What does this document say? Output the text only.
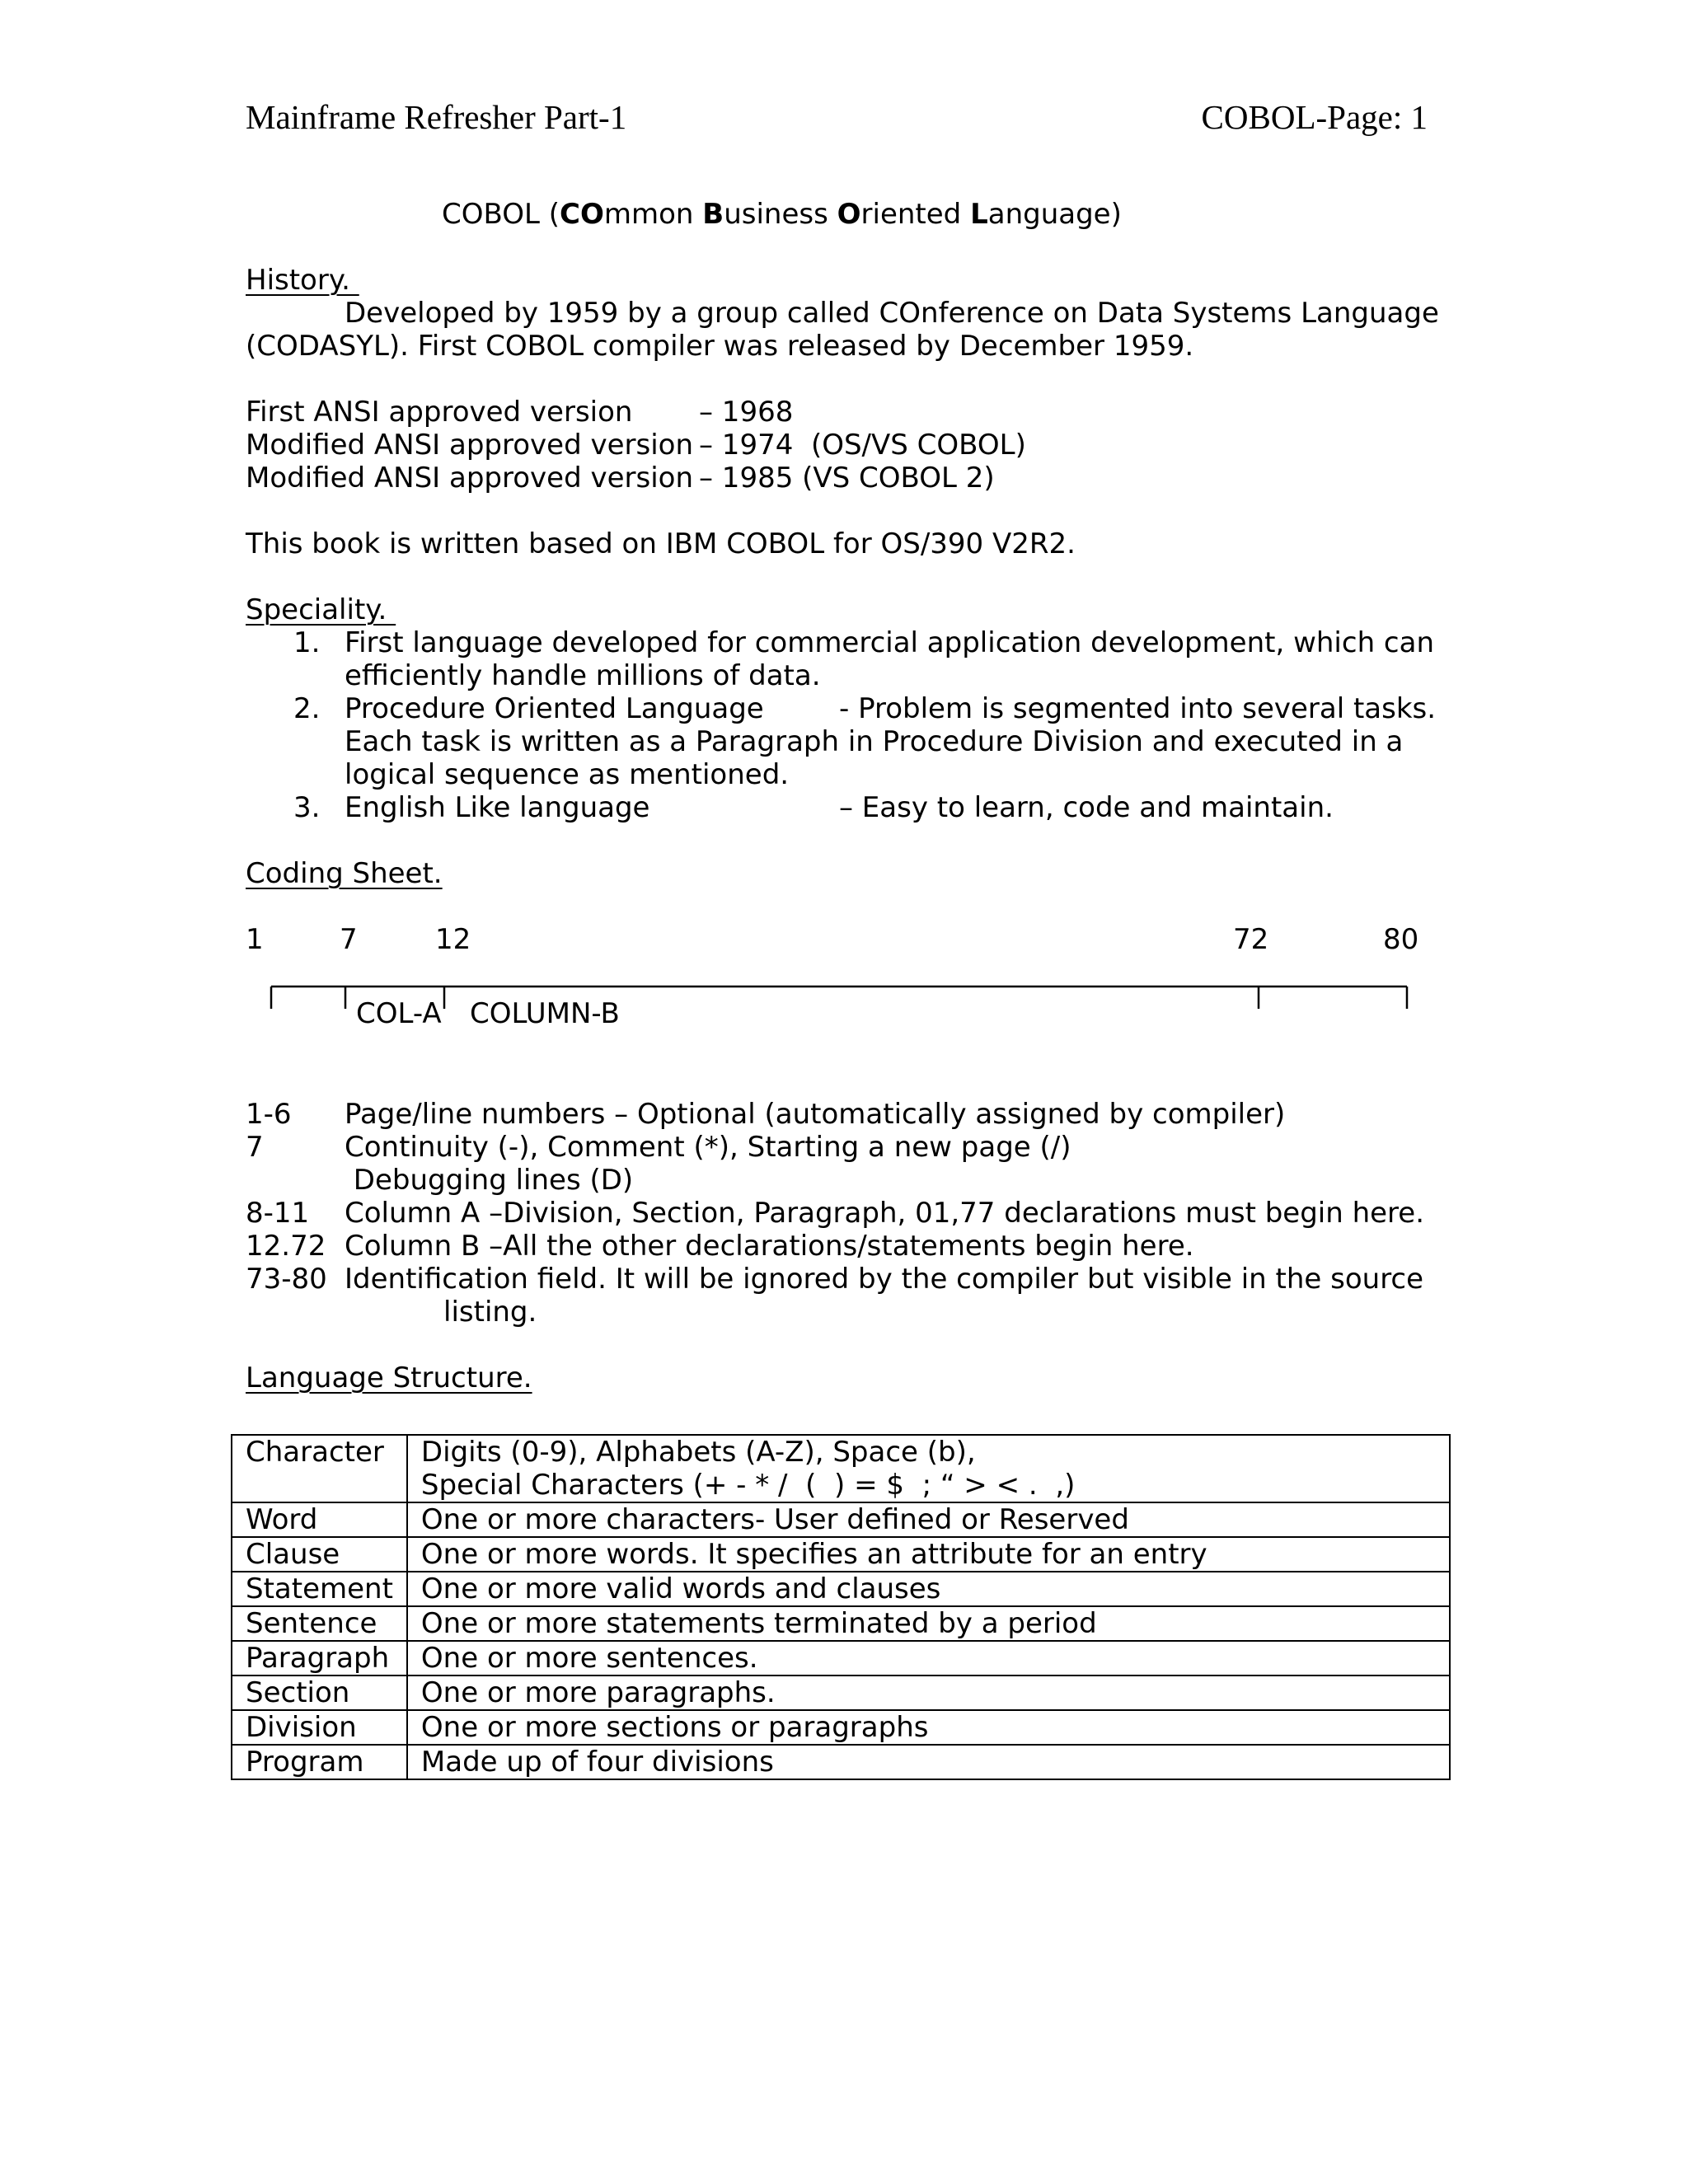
Mainframe Refresher Part-1	COBOL-Page: 1
COBOL (COmmon Business Oriented Language)
History.
Developed by 1959 by a group called COnference on Data Systems Language
(CODASYL). First COBOL compiler was released by December 1959.
First ANSI approved version – 1968
Modified ANSI approved version – 1974  (OS/VS COBOL)
Modified ANSI approved version – 1985 (VS COBOL 2)
This book is written based on IBM COBOL for OS/390 V2R2.
Speciality.
1. First language developed for commercial application development, which can
efficiently handle millions of data.
2. Procedure Oriented Language	- Problem is segmented into several tasks.
Each task is written as a Paragraph in Procedure Division and executed in a
logical sequence as mentioned.
3. English Like language	– Easy to learn, code and maintain.
Coding Sheet.
1	7	12	72	80
COL-A COLUMN-B
1-6 Page/line numbers – Optional (automatically assigned by compiler)
7	Continuity (-), Comment (*), Starting a new page (/)
Debugging lines (D)
8-11 Column A –Division, Section, Paragraph, 01,77 declarations must begin here.
12.72 Column B –All the other declarations/statements begin here.
73-80 Identification field. It will be ignored by the compiler but visible in the source
listing.
Language Structure.
Character	Digits (0-9), Alphabets (A-Z), Space (b),
Special Characters (+ - * /  (  ) = $  ; “ > < .  ,)

Word	One or more characters- User defined or Reserved
Clause	One or more words. It specifies an attribute for an entry
Statement	One or more valid words and clauses
Sentence	One or more statements terminated by a period
Paragraph	One or more sentences.
Section	One or more paragraphs.
Division	One or more sections or paragraphs
Program	Made up of four divisions
